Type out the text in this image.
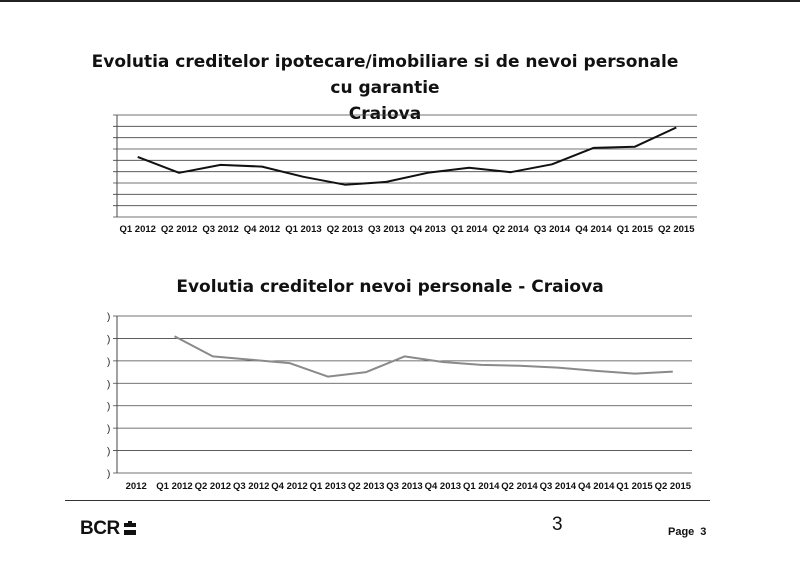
Evolutia creditelor ipotecare/imobiliare si de nevoi personale cu garantie
Craiova
Evolutia creditelor nevoi personale - Craiova
Q1 2012 Q2 2012 Q3 2012 Q4 2012 Q1 2013 Q2 2013 Q3 2013 Q4 2013 Q1 2014 Q2 2014 Q3 2014 Q4 2014 Q1 2015 Q2 2015
)
)
)
)
)
)
)
)
2012 Q1 2012 Q2 2012 Q3 2012 Q4 2012 Q1 2013 Q2 2013 Q3 2013 Q4 2013 Q1 2014 Q2 2014 Q3 2014 Q4 2014 Q1 2015 Q2 2015
BCR	3	Page 3
